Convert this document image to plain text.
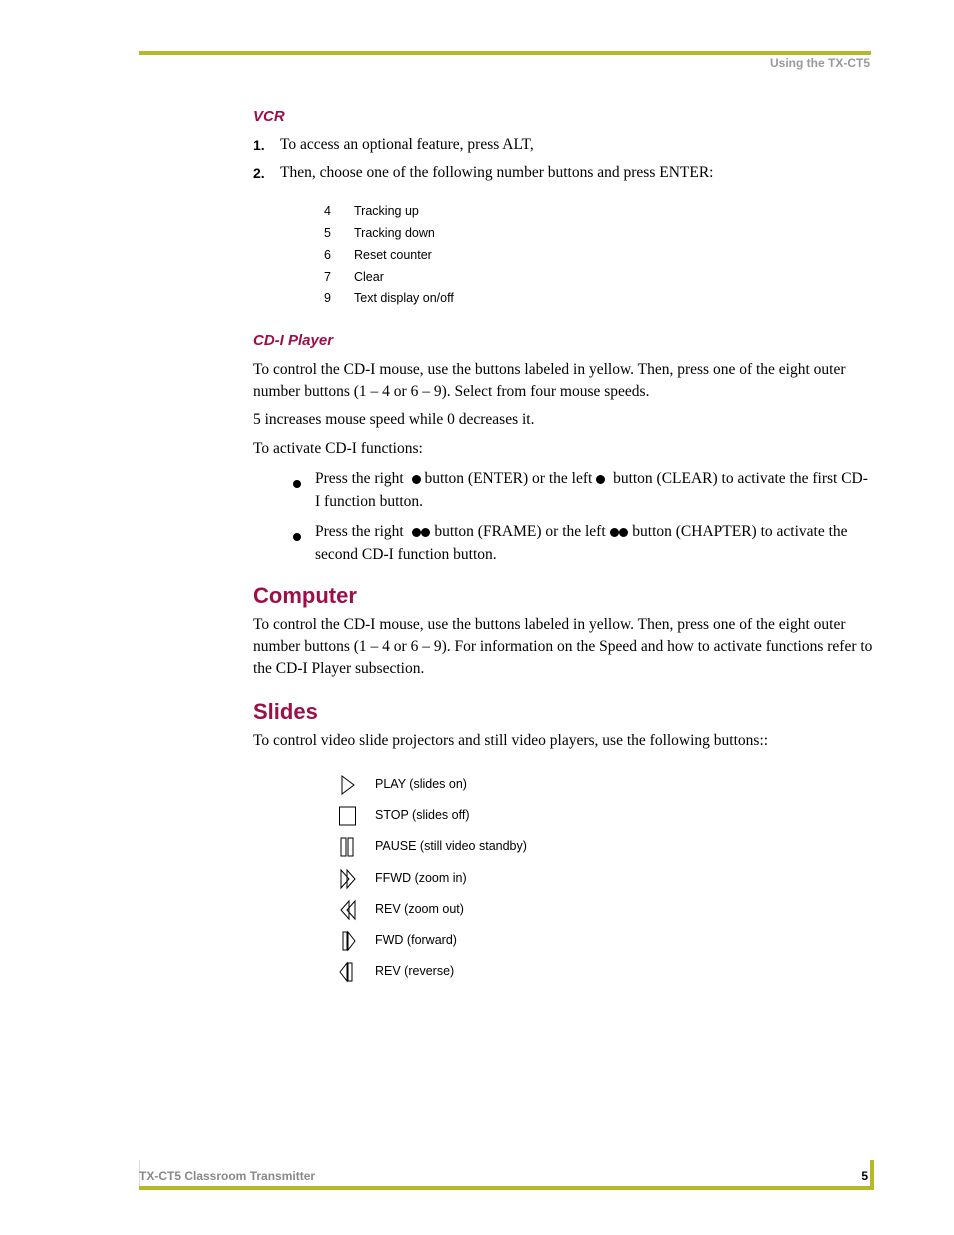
Using the TX-CT5
VCR
1. To access an optional feature, press ALT,
2. Then, choose one of the following number buttons and press ENTER:
4 Tracking up
5 Tracking down
6 Reset counter
7 Clear
9 Text display on/off
CD-I Player
To control the CD-I mouse, use the buttons labeled in yellow. Then, press one of the eight outer
number buttons (1 – 4 or 6 – 9). Select from four mouse speeds.
5 increases mouse speed while 0 decreases it.
To activate CD-I functions:
Press the right button (ENTER) or the left button (CLEAR) to activate the first CD-
I function button.
Press the right button (FRAME) or the left button (CHAPTER) to activate the
second CD-I function button.
Computer
To control the CD-I mouse, use the buttons labeled in yellow. Then, press one of the eight outer
number buttons (1 – 4 or 6 – 9). For information on the Speed and how to activate functions refer to
the CD-I Player subsection.
Slides
To control video slide projectors and still video players, use the following buttons::
PLAY (slides on)
STOP (slides off)
PAUSE (still video standby)
FFWD (zoom in)
REV (zoom out)
FWD (forward)
REV (reverse)
TX-CT5 Classroom Transmitter	5
